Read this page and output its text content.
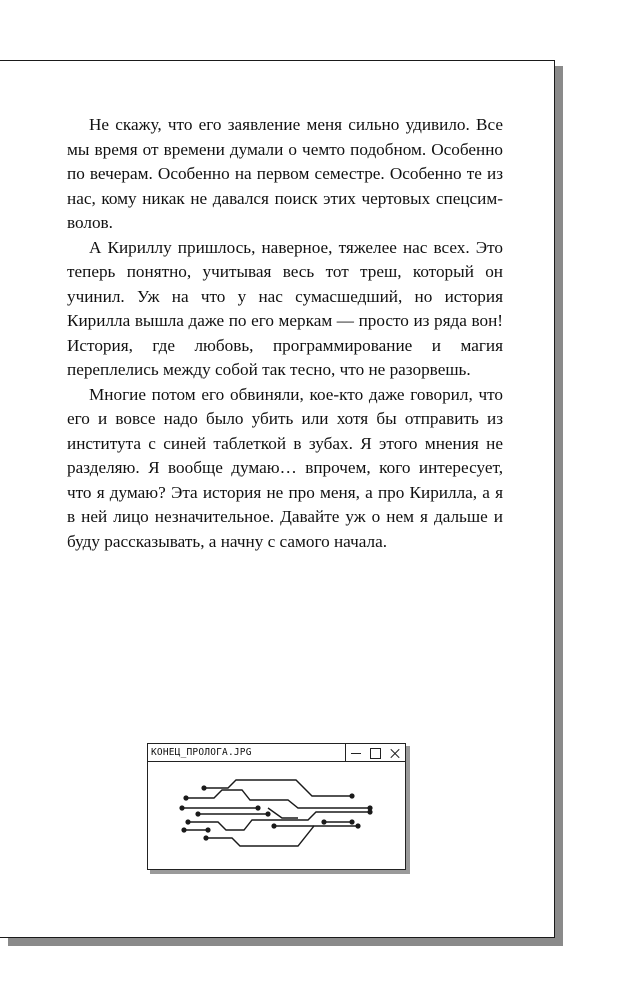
Не скажу, что его заявление меня сильно удивило. Все мы время от времени думали о чемто подобном. Особенно по вечерам. Особенно на первом семестре. Особенно те из нас, кому никак не давался поиск этих чертовых спецсимволов.

А Кириллу пришлось, наверное, тяжелее нас всех. Это теперь понятно, учитывая весь тот треш, который он учинил. Уж на что у нас сумасшедший, но история Кирилла вышла даже по его меркам — просто из ряда вон! История, где любовь, программирование и магия переплелись между собой так тесно, что не разорвешь.

Многие потом его обвиняли, кое-кто даже говорил, что его и вовсе надо было убить или хотя бы отправить из института с синей таблеткой в зубах. Я этого мнения не разделяю. Я вообще думаю… впрочем, кого интересует, что я думаю? Эта история не про меня, а про Кирилла, а я в ней лицо незначительное. Давайте уж о нем я дальше и буду рассказывать, а начну с самого начала.

КОНЕЦ_ПРОЛОГА.JPG
